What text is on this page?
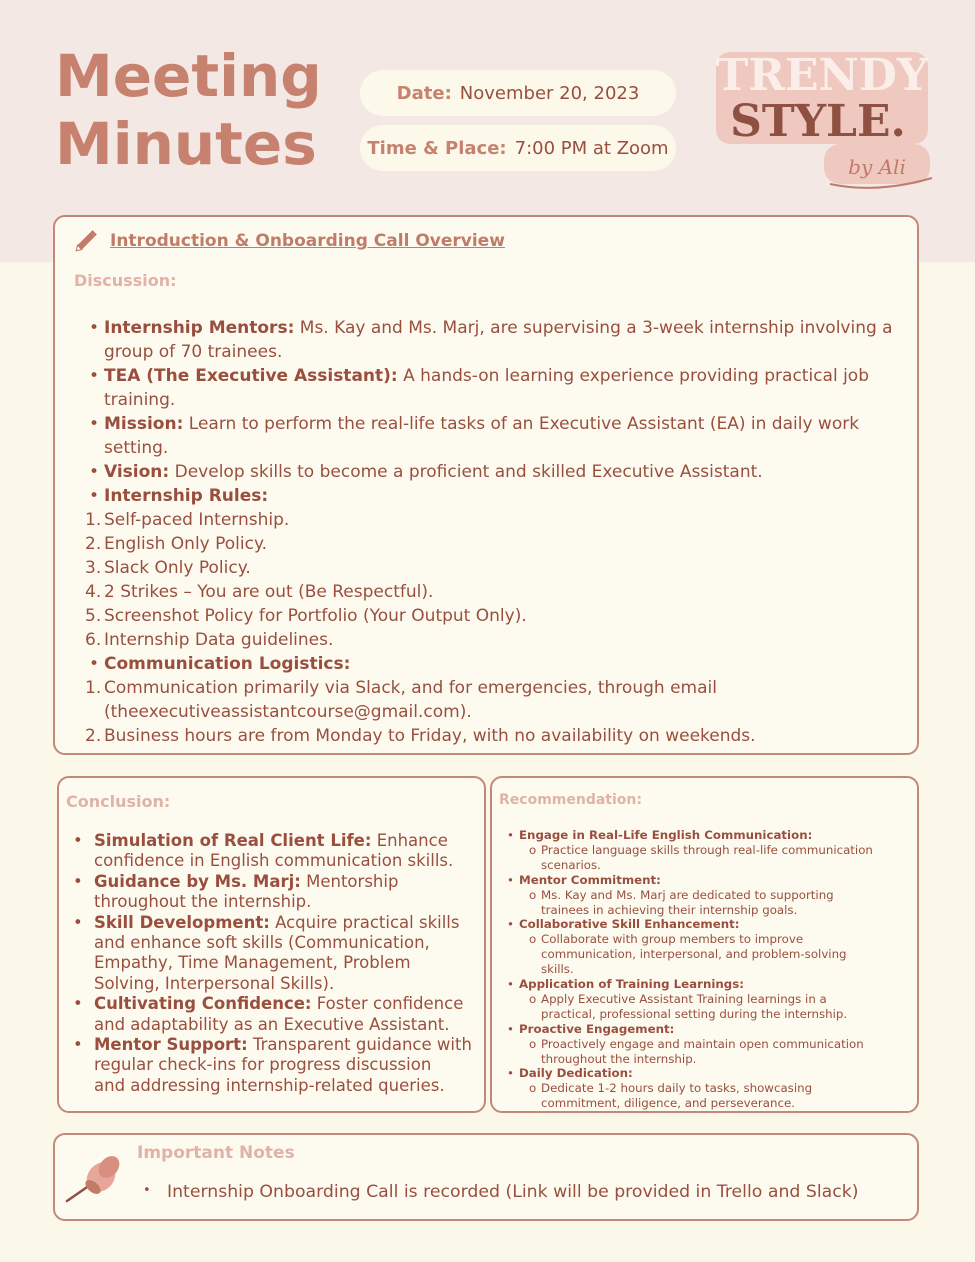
Meeting
Minutes
Date: November 20, 2023
Time & Place: 7:00 PM at Zoom
TRENDY
STYLE.
by Ali
Introduction & Onboarding Call Overview
Discussion:
• Internship Mentors: Ms. Kay and Ms. Marj, are supervising a 3-week internship involving a
group of 70 trainees.
• TEA (The Executive Assistant): A hands-on learning experience providing practical job
training.
• Mission: Learn to perform the real-life tasks of an Executive Assistant (EA) in daily work
setting.
• Vision: Develop skills to become a proficient and skilled Executive Assistant.
• Internship Rules:
1. Self-paced Internship.
2. English Only Policy.
3. Slack Only Policy.
4. 2 Strikes – You are out (Be Respectful).
5. Screenshot Policy for Portfolio (Your Output Only).
6. Internship Data guidelines.
• Communication Logistics:
1. Communication primarily via Slack, and for emergencies, through email
(theexecutiveassistantcourse@gmail.com).
2. Business hours are from Monday to Friday, with no availability on weekends.
Conclusion:
• Simulation of Real Client Life: Enhance
confidence in English communication skills.
• Guidance by Ms. Marj: Mentorship
throughout the internship.
• Skill Development: Acquire practical skills
and enhance soft skills (Communication,
Empathy, Time Management, Problem
Solving, Interpersonal Skills).
• Cultivating Confidence: Foster confidence
and adaptability as an Executive Assistant.
• Mentor Support: Transparent guidance with
regular check-ins for progress discussion
and addressing internship-related queries.
Recommendation:
• Engage in Real-Life English Communication:
o Practice language skills through real-life communication
scenarios.
• Mentor Commitment:
o Ms. Kay and Ms. Marj are dedicated to supporting
trainees in achieving their internship goals.
• Collaborative Skill Enhancement:
o Collaborate with group members to improve
communication, interpersonal, and problem-solving
skills.
• Application of Training Learnings:
o Apply Executive Assistant Training learnings in a
practical, professional setting during the internship.
• Proactive Engagement:
o Proactively engage and maintain open communication
throughout the internship.
• Daily Dedication:
o Dedicate 1-2 hours daily to tasks, showcasing
commitment, diligence, and perseverance.
Important Notes
• Internship Onboarding Call is recorded (Link will be provided in Trello and Slack)
